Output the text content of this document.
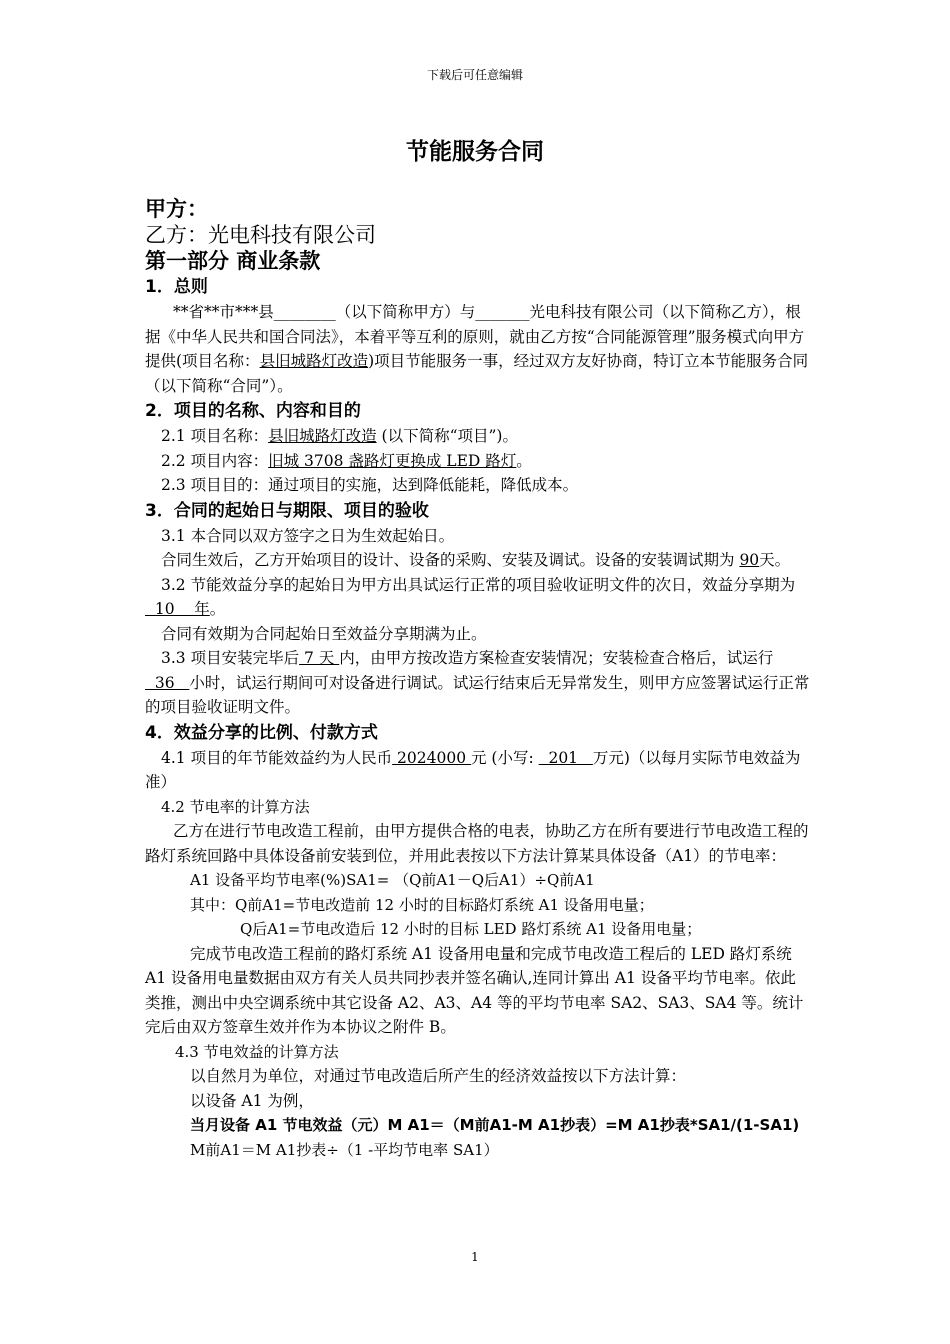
下载后可任意编辑
节能服务合同
甲方：
乙方：光电科技有限公司
第一部分 商业条款
1．总则

**省**市***县________（以下简称甲方）与_______光电科技有限公司（以下简称乙方），根据《中华人民共和国合同法》，本着平等互利的原则，就由乙方按“合同能源管理”服务模式向甲方提供(项目名称：县旧城路灯改造)项目节能服务一事，经过双方友好协商，特订立本节能服务合同（以下简称“合同”）。

2．项目的名称、内容和目的

2.1 项目名称：县旧城路灯改造 (以下简称“项目”)。

2.2 项目内容：旧城 3708 盏路灯更换成 LED 路灯。

2.3 项目目的：通过项目的实施，达到降低能耗，降低成本。

3．合同的起始日与期限、项目的验收

3.1 本合同以双方签字之日为生效起始日。

合同生效后，乙方开始项目的设计、设备的采购、安装及调试。设备的安装调试期为 90天。

3.2 节能效益分享的起始日为甲方出具试运行正常的项目验收证明文件的次日，效益分享期为  10    年。

合同有效期为合同起始日至效益分享期满为止。

3.3 项目安装完毕后 7 天 内，由甲方按改造方案检查安装情况；安装检查合格后，试运行  36   小时，试运行期间可对设备进行调试。试运行结束后无异常发生，则甲方应签署试运行正常的项目验收证明文件。

4．效益分享的比例、付款方式

4.1 项目的年节能效益约为人民币 2024000 元 (小写:   201   万元)（以每月实际节电效益为准）

4.2 节电率的计算方法

乙方在进行节电改造工程前，由甲方提供合格的电表，协助乙方在所有要进行节电改造工程的路灯系统回路中具体设备前安装到位，并用此表按以下方法计算某具体设备（A1）的节电率：

A1 设备平均节电率(%)SA1= （Q前A1－Q后A1）÷Q前A1

其中：Q前A1=节电改造前 12 小时的目标路灯系统 A1 设备用电量；

Q后A1=节电改造后 12 小时的目标 LED 路灯系统 A1 设备用电量；

完成节电改造工程前的路灯系统 A1 设备用电量和完成节电改造工程后的 LED 路灯系统 A1 设备用电量数据由双方有关人员共同抄表并签名确认,连同计算出 A1 设备平均节电率。依此类推，测出中央空调系统中其它设备 A2、A3、A4 等的平均节电率 SA2、SA3、SA4 等。统计完后由双方签章生效并作为本协议之附件 B。

4.3 节电效益的计算方法

以自然月为单位，对通过节电改造后所产生的经济效益按以下方法计算：

以设备 A1 为例，

当月设备 A1 节电效益（元）M A1＝（M前A1-M A1抄表）=M A1抄表*SA1/(1-SA1)

M前A1＝M A1抄表÷（1 -平均节电率 SA1）

1
